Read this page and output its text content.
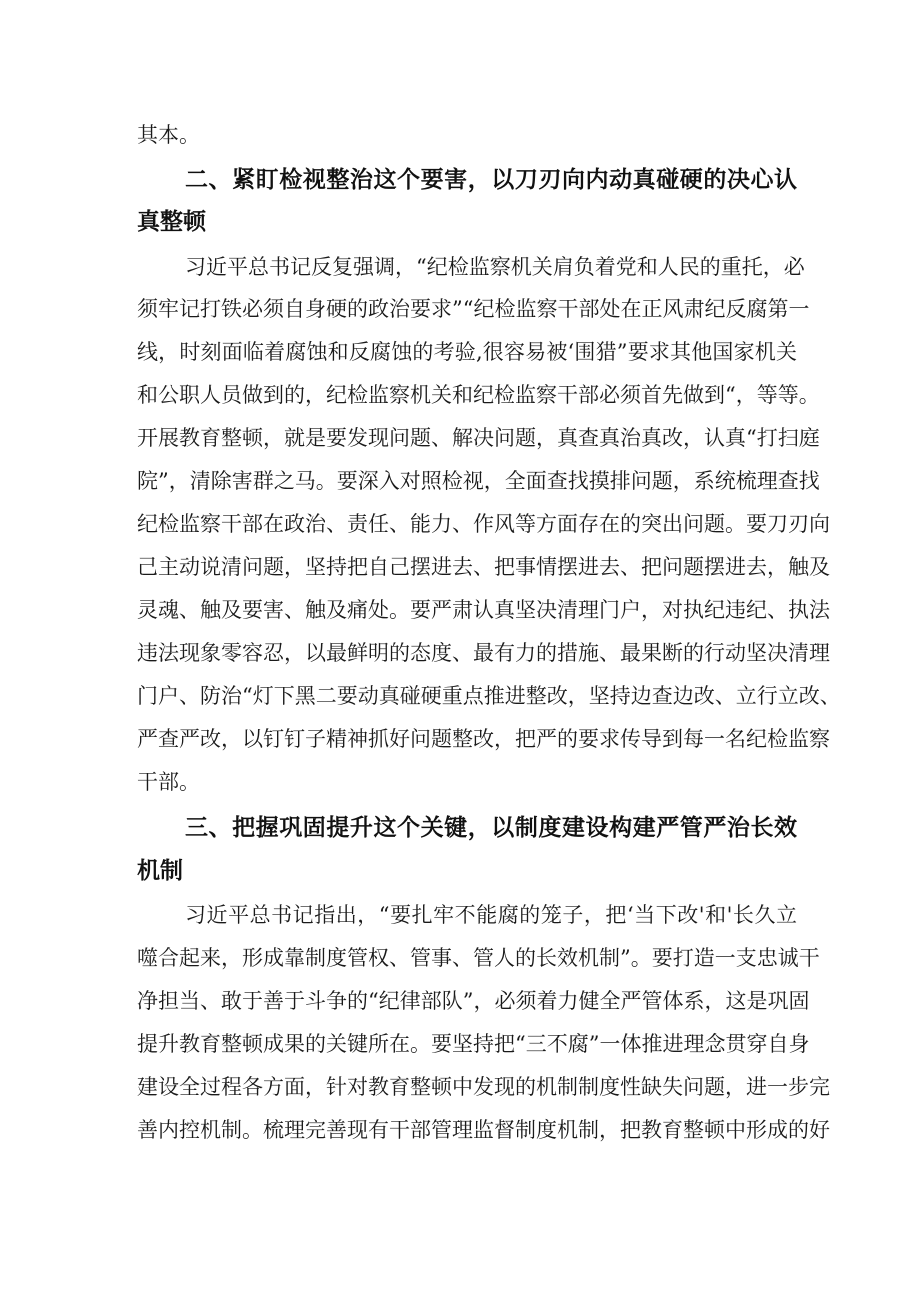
其本。
二、紧盯检视整治这个要害，以刀刃向内动真碰硬的决心认
真整顿
习近平总书记反复强调，“纪检监察机关肩负着党和人民的重托，必
须牢记打铁必须自身硬的政治要求”“纪检监察干部处在正风肃纪反腐第一
线，时刻面临着腐蚀和反腐蚀的考验,很容易被‘围猎”要求其他国家机关
和公职人员做到的，纪检监察机关和纪检监察干部必须首先做到“，等等。
开展教育整顿，就是要发现问题、解决问题，真查真治真改，认真“打扫庭
院”，清除害群之马。要深入对照检视，全面查找摸排问题，系统梳理查找
纪检监察干部在政治、责任、能力、作风等方面存在的突出问题。要刀刃向
己主动说清问题，坚持把自己摆进去、把事情摆进去、把问题摆进去，触及
灵魂、触及要害、触及痛处。要严肃认真坚决清理门户，对执纪违纪、执法
违法现象零容忍，以最鲜明的态度、最有力的措施、最果断的行动坚决清理
门户、防治“灯下黑二要动真碰硬重点推进整改，坚持边查边改、立行立改、
严查严改，以钉钉子精神抓好问题整改，把严的要求传导到每一名纪检监察
干部。
三、把握巩固提升这个关键，以制度建设构建严管严治长效
机制
习近平总书记指出，“要扎牢不能腐的笼子，把‘当下改'和'长久立
噬合起来，形成靠制度管权、管事、管人的长效机制”。要打造一支忠诚干
净担当、敢于善于斗争的“纪律部队”，必须着力健全严管体系，这是巩固
提升教育整顿成果的关键所在。要坚持把“三不腐”一体推进理念贯穿自身
建设全过程各方面，针对教育整顿中发现的机制制度性缺失问题，进一步完
善内控机制。梳理完善现有干部管理监督制度机制，把教育整顿中形成的好
